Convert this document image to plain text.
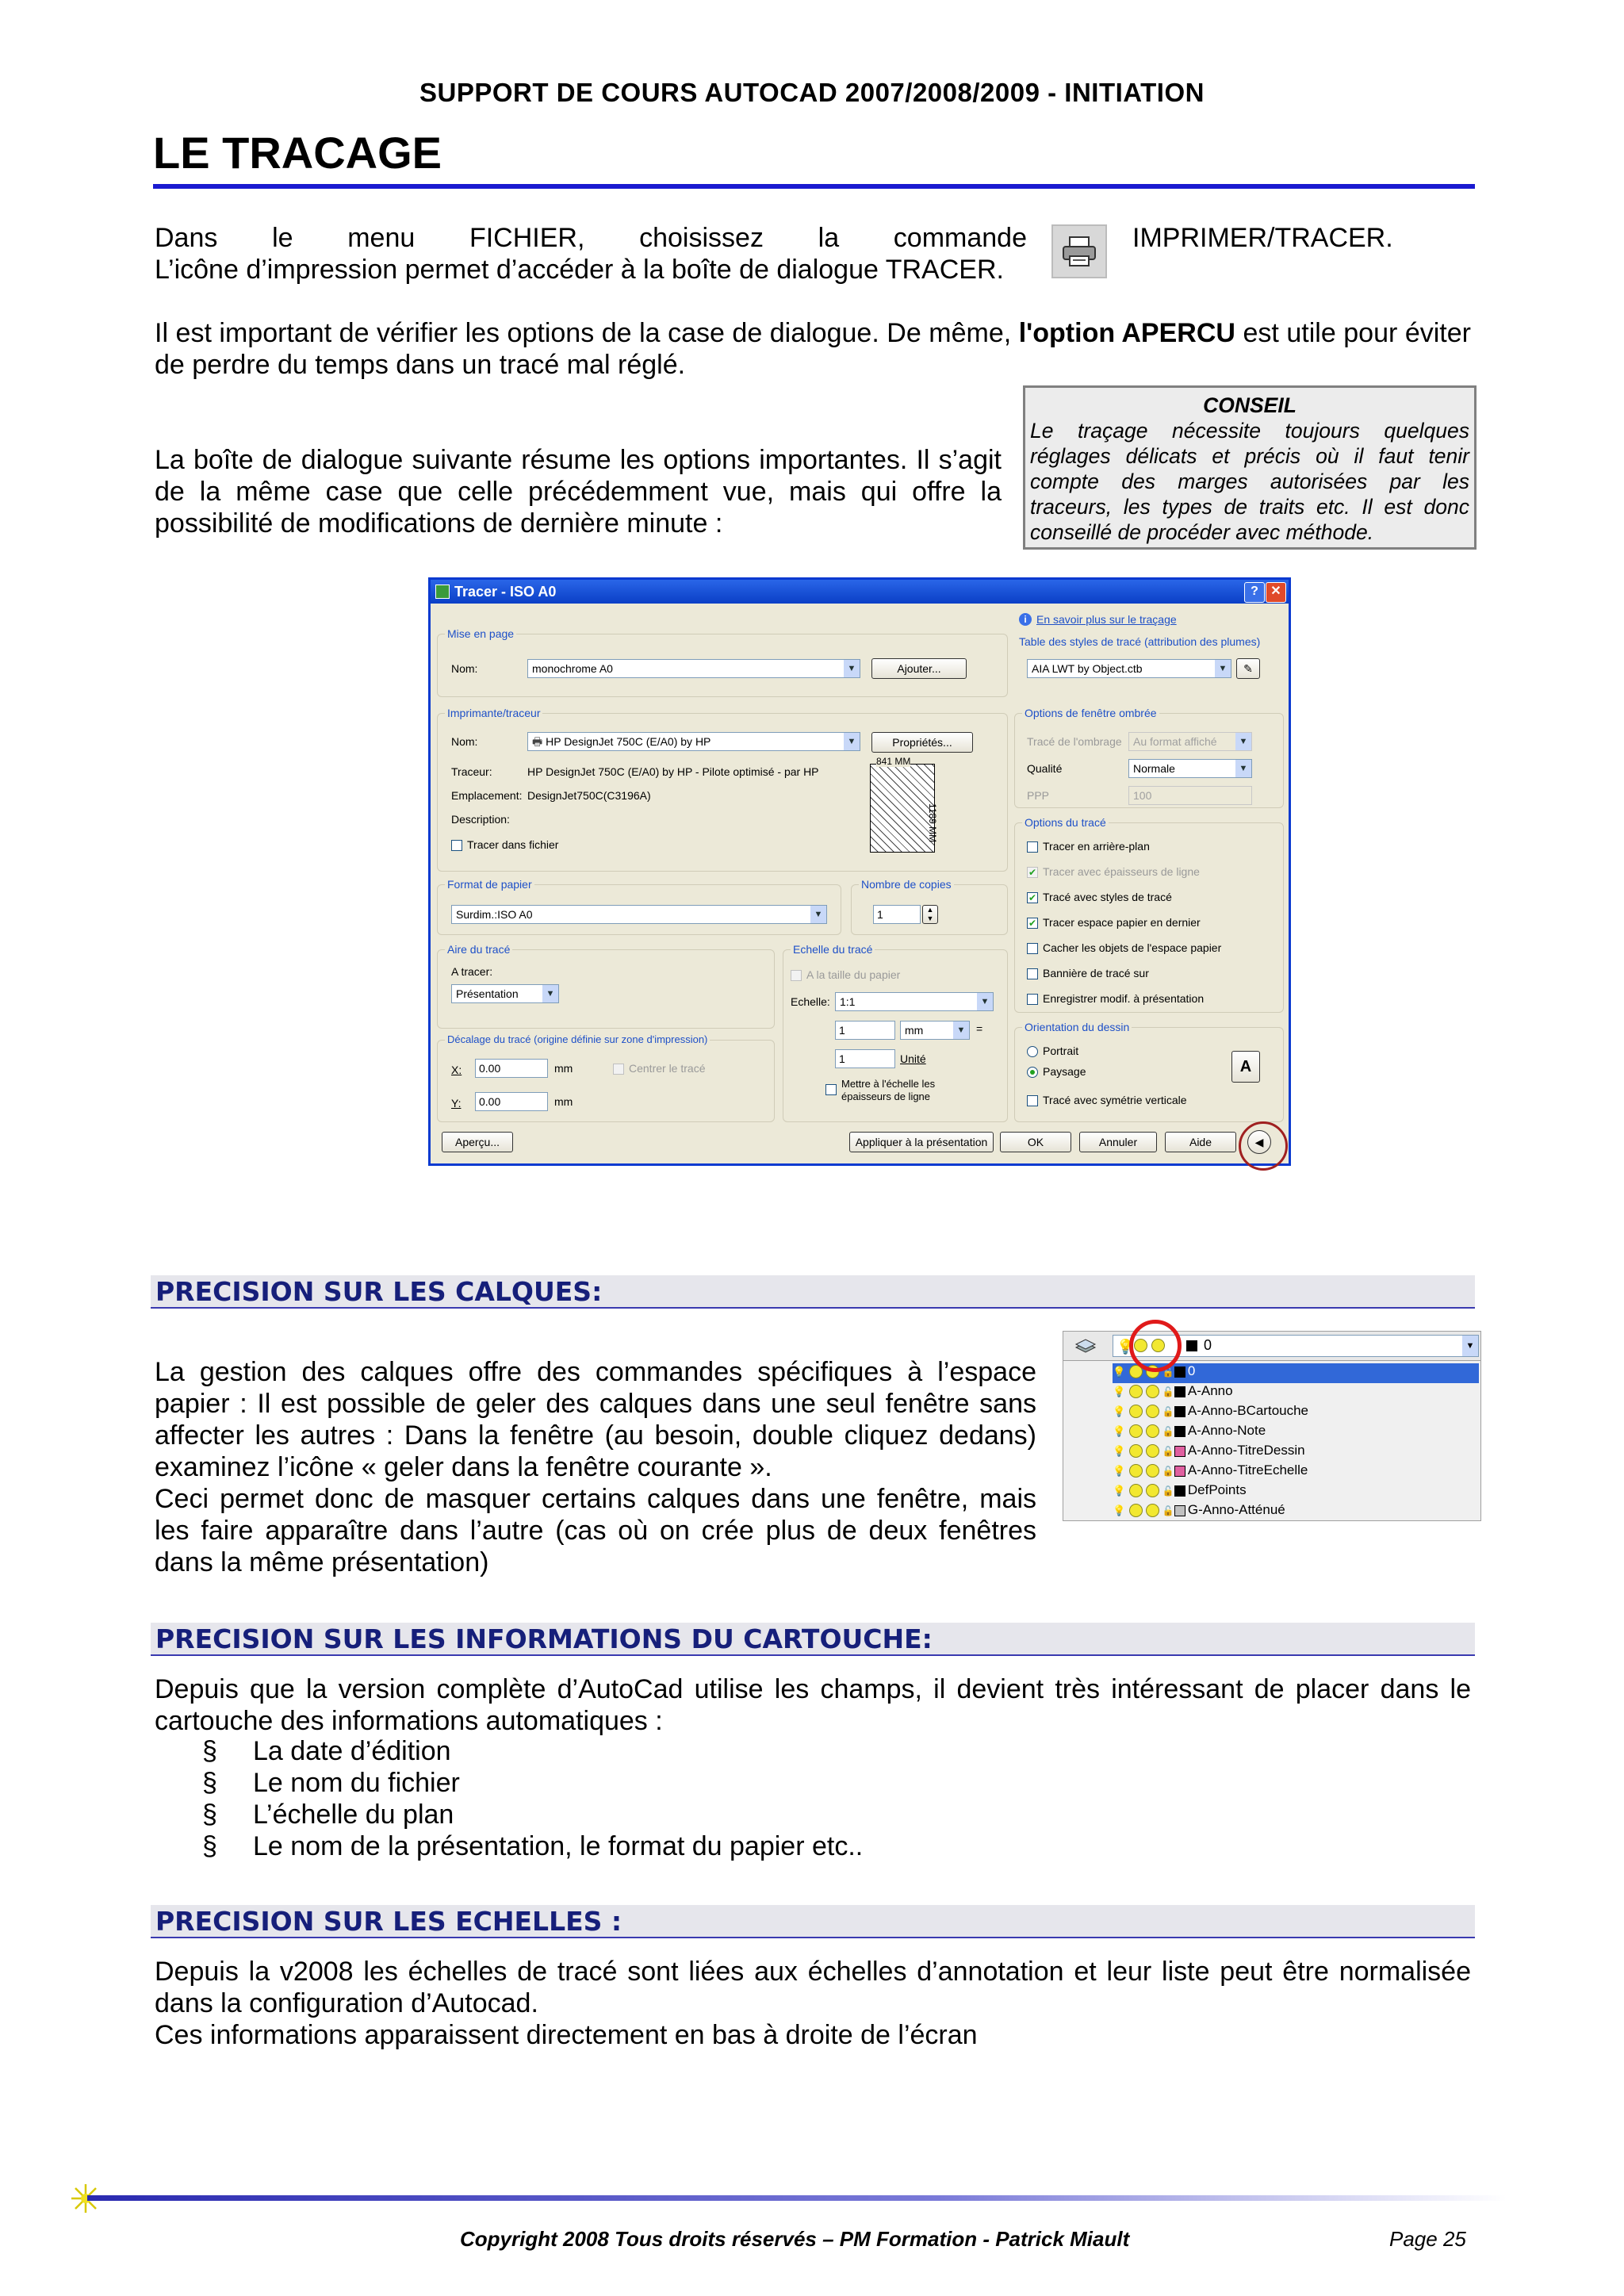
SUPPORT DE COURS AUTOCAD 2007/2008/2009 - INITIATION
LE TRACAGE
Dans le menu FICHIER, choisissez la commande	IMPRIMER/TRACER.
L’icône d’impression permet d’accéder à la boîte de dialogue TRACER.
Il est important de vérifier les options de la case de dialogue. De même, l'option APERCU est utile pour éviter de perdre du temps dans un tracé mal réglé.
CONSEIL
Le traçage nécessite toujours quelques réglages délicats et précis où il faut tenir compte des marges autorisées par les traceurs, les types de traits etc. Il est donc conseillé de procéder avec méthode.
La boîte de dialogue suivante résume les options importantes. Il s’agit de la même case que celle précédemment vue, mais qui offre la possibilité de modifications de dernière minute :
Tracer - ISO A0	? ✕
i En savoir plus sur le traçage
Mise en page
Nom:	monochrome A0	▼	Ajouter...
Table des styles de tracé (attribution des plumes)
AIA LWT by Object.ctb	▼	✎
Imprimante/traceur
Nom:	🖶 HP DesignJet 750C (E/A0) by HP	▼	Propriétés...
Traceur:	HP DesignJet 750C (E/A0) by HP - Pilote optimisé - par HP
Emplacement: DesignJet750C(C3196A)
Description:
Tracer dans fichier
841 MM
1189 MM
Options de fenêtre ombrée
Tracé de l'ombrage	Au format affiché	▼
Qualité	Normale	▼
PPP	100
Options du tracé
Tracer en arrière-plan
✔ Tracer avec épaisseurs de ligne
✔ Tracé avec styles de tracé
✔ Tracer espace papier en dernier
Cacher les objets de l'espace papier
Bannière de tracé sur
Enregistrer modif. à présentation
Format de papier
Surdim.:ISO A0	▼
Nombre de copies
1	▲
▼
Aire du tracé
A tracer:
Présentation	▼
Echelle du tracé
A la taille du papier
Echelle: 1:1	▼
1	mm	▼ =
1	Unité
Mettre à l'échelle les épaisseurs de ligne
Décalage du tracé (origine définie sur zone d'impression)
X:	0.00	mm	Centrer le tracé
Y:	0.00	mm
Orientation du dessin
Portrait
Paysage
Tracé avec symétrie verticale
A
Aperçu...	Appliquer à la présentation	OK	Annuler	Aide	◀
PRECISION SUR LES CALQUES:
La gestion des calques offre des commandes spécifiques à l’espace papier : Il est possible de geler des calques dans une seul fenêtre sans affecter les autres : Dans la fenêtre (au besoin, double cliquez dedans) examinez l’icône « geler dans la fenêtre courante ».
Ceci permet donc de masquer certains calques dans une fenêtre, mais les faire apparaître dans l’autre (cas où on crée plus de deux fenêtres dans la même présentation)
💡	0	▼
💡	🔓 0
💡	🔓 A-Anno
💡	🔓 A-Anno-BCartouche
💡	🔓 A-Anno-Note
💡	🔓 A-Anno-TitreDessin
💡	🔓 A-Anno-TitreEchelle
💡	🔓 DefPoints
💡	🔓 G-Anno-Atténué
PRECISION SUR LES INFORMATIONS DU CARTOUCHE:
Depuis que la version complète d’AutoCad utilise les champs, il devient très intéressant de placer dans le cartouche des informations automatiques :
§ La date d’édition
§ Le nom du fichier
§ L’échelle du plan
§ Le nom de la présentation, le format du papier etc..
PRECISION SUR LES ECHELLES :
Depuis la v2008 les échelles de tracé sont liées aux échelles d’annotation et leur liste peut être normalisée dans la configuration d’Autocad.
Ces informations apparaissent directement en bas à droite de l’écran
Copyright 2008 Tous droits réservés – PM Formation - Patrick Miault	Page 25
